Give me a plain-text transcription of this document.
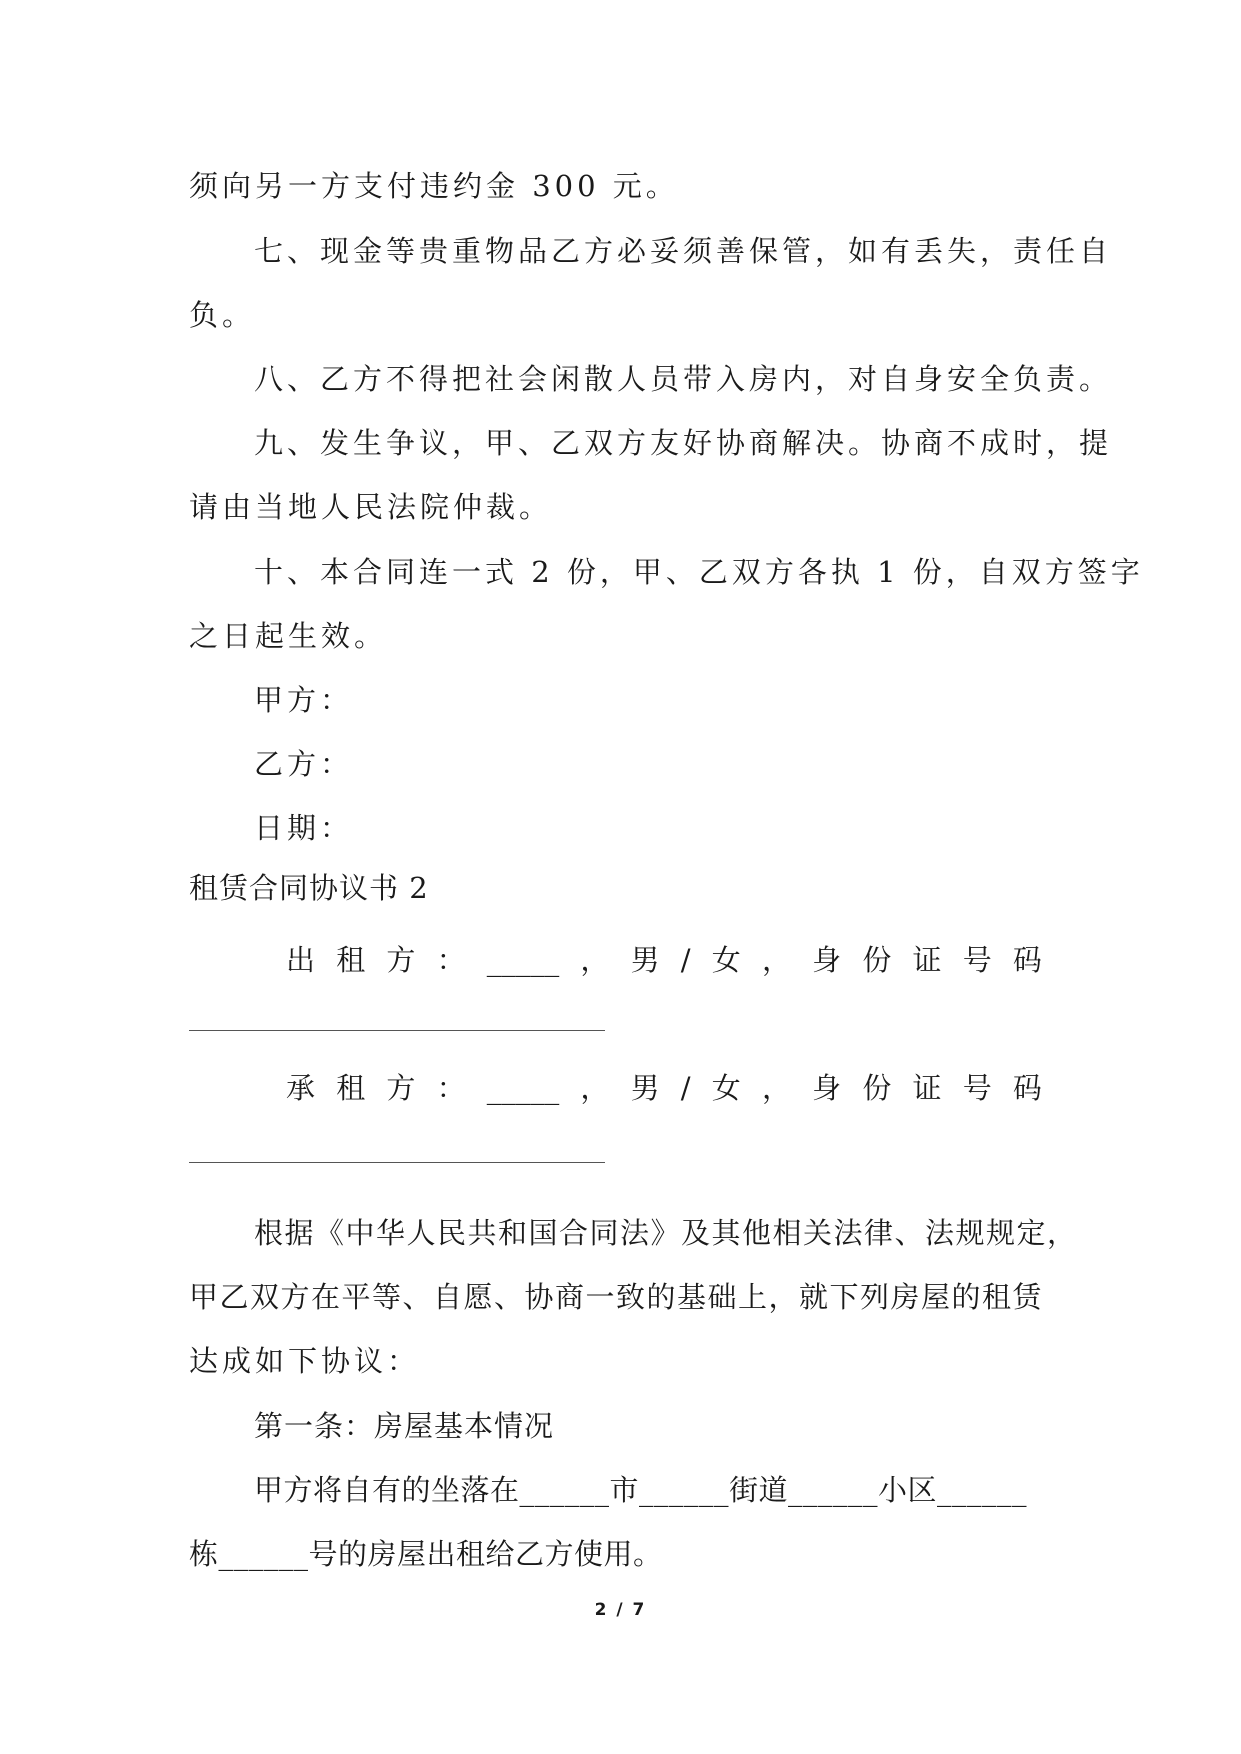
须向另一方支付违约金 300 元。
七、现金等贵重物品乙方必妥须善保管，如有丢失，责任自
负。
八、乙方不得把社会闲散人员带入房内，对自身安全负责。
九、发生争议，甲、乙双方友好协商解决。协商不成时，提
请由当地人民法院仲裁。
十、本合同连一式 2 份，甲、乙双方各执 1 份，自双方签字
之日起生效。
甲方：
乙方：
日期：
租赁合同协议书 2
出 租 方 ： _____ ， 男 / 女 ， 身 份 证 号 码
承 租 方 ： _____ ， 男 / 女 ， 身 份 证 号 码
根据《中华人民共和国合同法》及其他相关法律、法规规定，
甲乙双方在平等、自愿、协商一致的基础上，就下列房屋的租赁
达成如下协议：
第一条：房屋基本情况
甲方将自有的坐落在______市______街道______小区______
栋______号的房屋出租给乙方使用。
2 / 7
